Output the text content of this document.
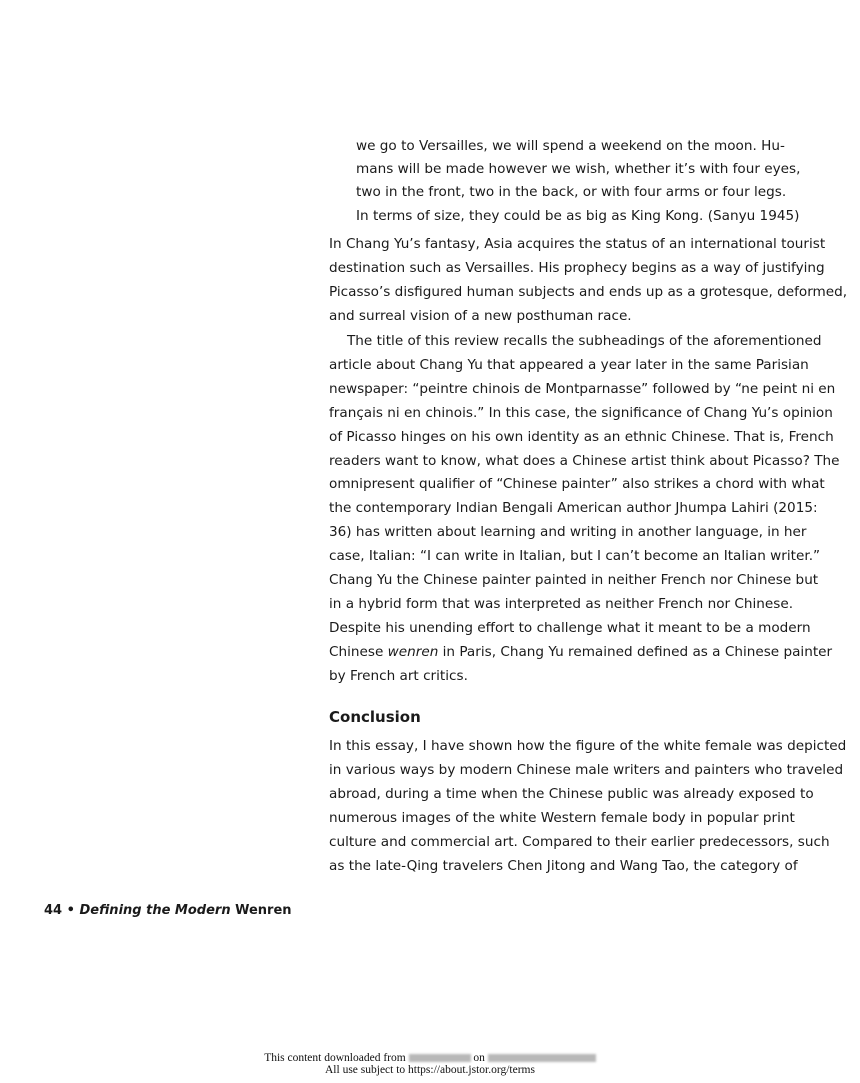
we go to Versailles, we will spend a weekend on the moon. Hu-
mans will be made however we wish, whether it’s with four eyes,
two in the front, two in the back, or with four arms or four legs.
In terms of size, they could be as big as King Kong. (Sanyu 1945)
In Chang Yu’s fantasy, Asia acquires the status of an international tourist
destination such as Versailles. His prophecy begins as a way of justifying
Picasso’s disfigured human subjects and ends up as a grotesque, deformed,
and surreal vision of a new posthuman race.
The title of this review recalls the subheadings of the aforementioned
article about Chang Yu that appeared a year later in the same Parisian
newspaper: “peintre chinois de Montparnasse” followed by “ne peint ni en
français ni en chinois.” In this case, the significance of Chang Yu’s opinion
of Picasso hinges on his own identity as an ethnic Chinese. That is, French
readers want to know, what does a Chinese artist think about Picasso? The
omnipresent qualifier of “Chinese painter” also strikes a chord with what
the contemporary Indian Bengali American author Jhumpa Lahiri (2015:
36) has written about learning and writing in another language, in her
case, Italian: “I can write in Italian, but I can’t become an Italian writer.”
Chang Yu the Chinese painter painted in neither French nor Chinese but
in a hybrid form that was interpreted as neither French nor Chinese.
Despite his unending effort to challenge what it meant to be a modern
Chinese wenren in Paris, Chang Yu remained defined as a Chinese painter
by French art critics.
In this essay, I have shown how the figure of the white female was depicted
in various ways by modern Chinese male writers and painters who traveled
abroad, during a time when the Chinese public was already exposed to
numerous images of the white Western female body in popular print
culture and commercial art. Compared to their earlier predecessors, such
as the late-Qing travelers Chen Jitong and Wang Tao, the category of
Conclusion
44 • Defining the Modern Wenren
This content downloaded from	on
All use subject to https://about.jstor.org/terms
